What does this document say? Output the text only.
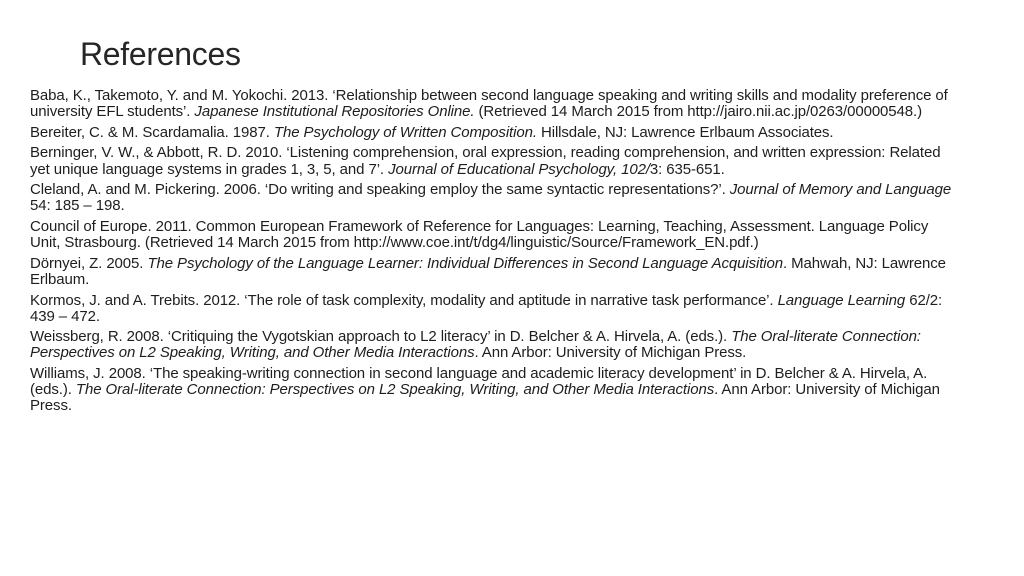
References

Baba, K., Takemoto, Y. and M. Yokochi. 2013. ‘Relationship between second language speaking and writing skills and modality preference of university EFL students’. Japanese Institutional Repositories Online. (Retrieved 14 March 2015 from http://jairo.nii.ac.jp/0263/00000548.)

Bereiter, C. & M. Scardamalia. 1987. The Psychology of Written Composition. Hillsdale, NJ: Lawrence Erlbaum Associates.

Berninger, V. W., & Abbott, R. D. 2010. ‘Listening comprehension, oral expression, reading comprehension, and written expression: Related yet unique language systems in grades 1, 3, 5, and 7’. Journal of Educational Psychology, 102/3: 635-651.

Cleland, A. and M. Pickering. 2006. ‘Do writing and speaking employ the same syntactic representations?’. Journal of Memory and Language 54: 185 – 198.

Council of Europe. 2011. Common European Framework of Reference for Languages: Learning, Teaching, Assessment. Language Policy Unit, Strasbourg. (Retrieved 14 March 2015 from http://www.coe.int/t/dg4/linguistic/Source/Framework_EN.pdf.)

Dörnyei, Z. 2005. The Psychology of the Language Learner: Individual Differences in Second Language Acquisition. Mahwah, NJ: Lawrence Erlbaum.

Kormos, J. and A. Trebits. 2012. ‘The role of task complexity, modality and aptitude in narrative task performance’. Language Learning 62/2: 439 – 472.

Weissberg, R. 2008. ‘Critiquing the Vygotskian approach to L2 literacy’ in D. Belcher & A. Hirvela, A. (eds.). The Oral-literate Connection: Perspectives on L2 Speaking, Writing, and Other Media Interactions. Ann Arbor: University of Michigan Press.

Williams, J. 2008. ‘The speaking-writing connection in second language and academic literacy development’ in D. Belcher & A. Hirvela, A. (eds.). The Oral-literate Connection: Perspectives on L2 Speaking, Writing, and Other Media Interactions. Ann Arbor: University of Michigan Press.
